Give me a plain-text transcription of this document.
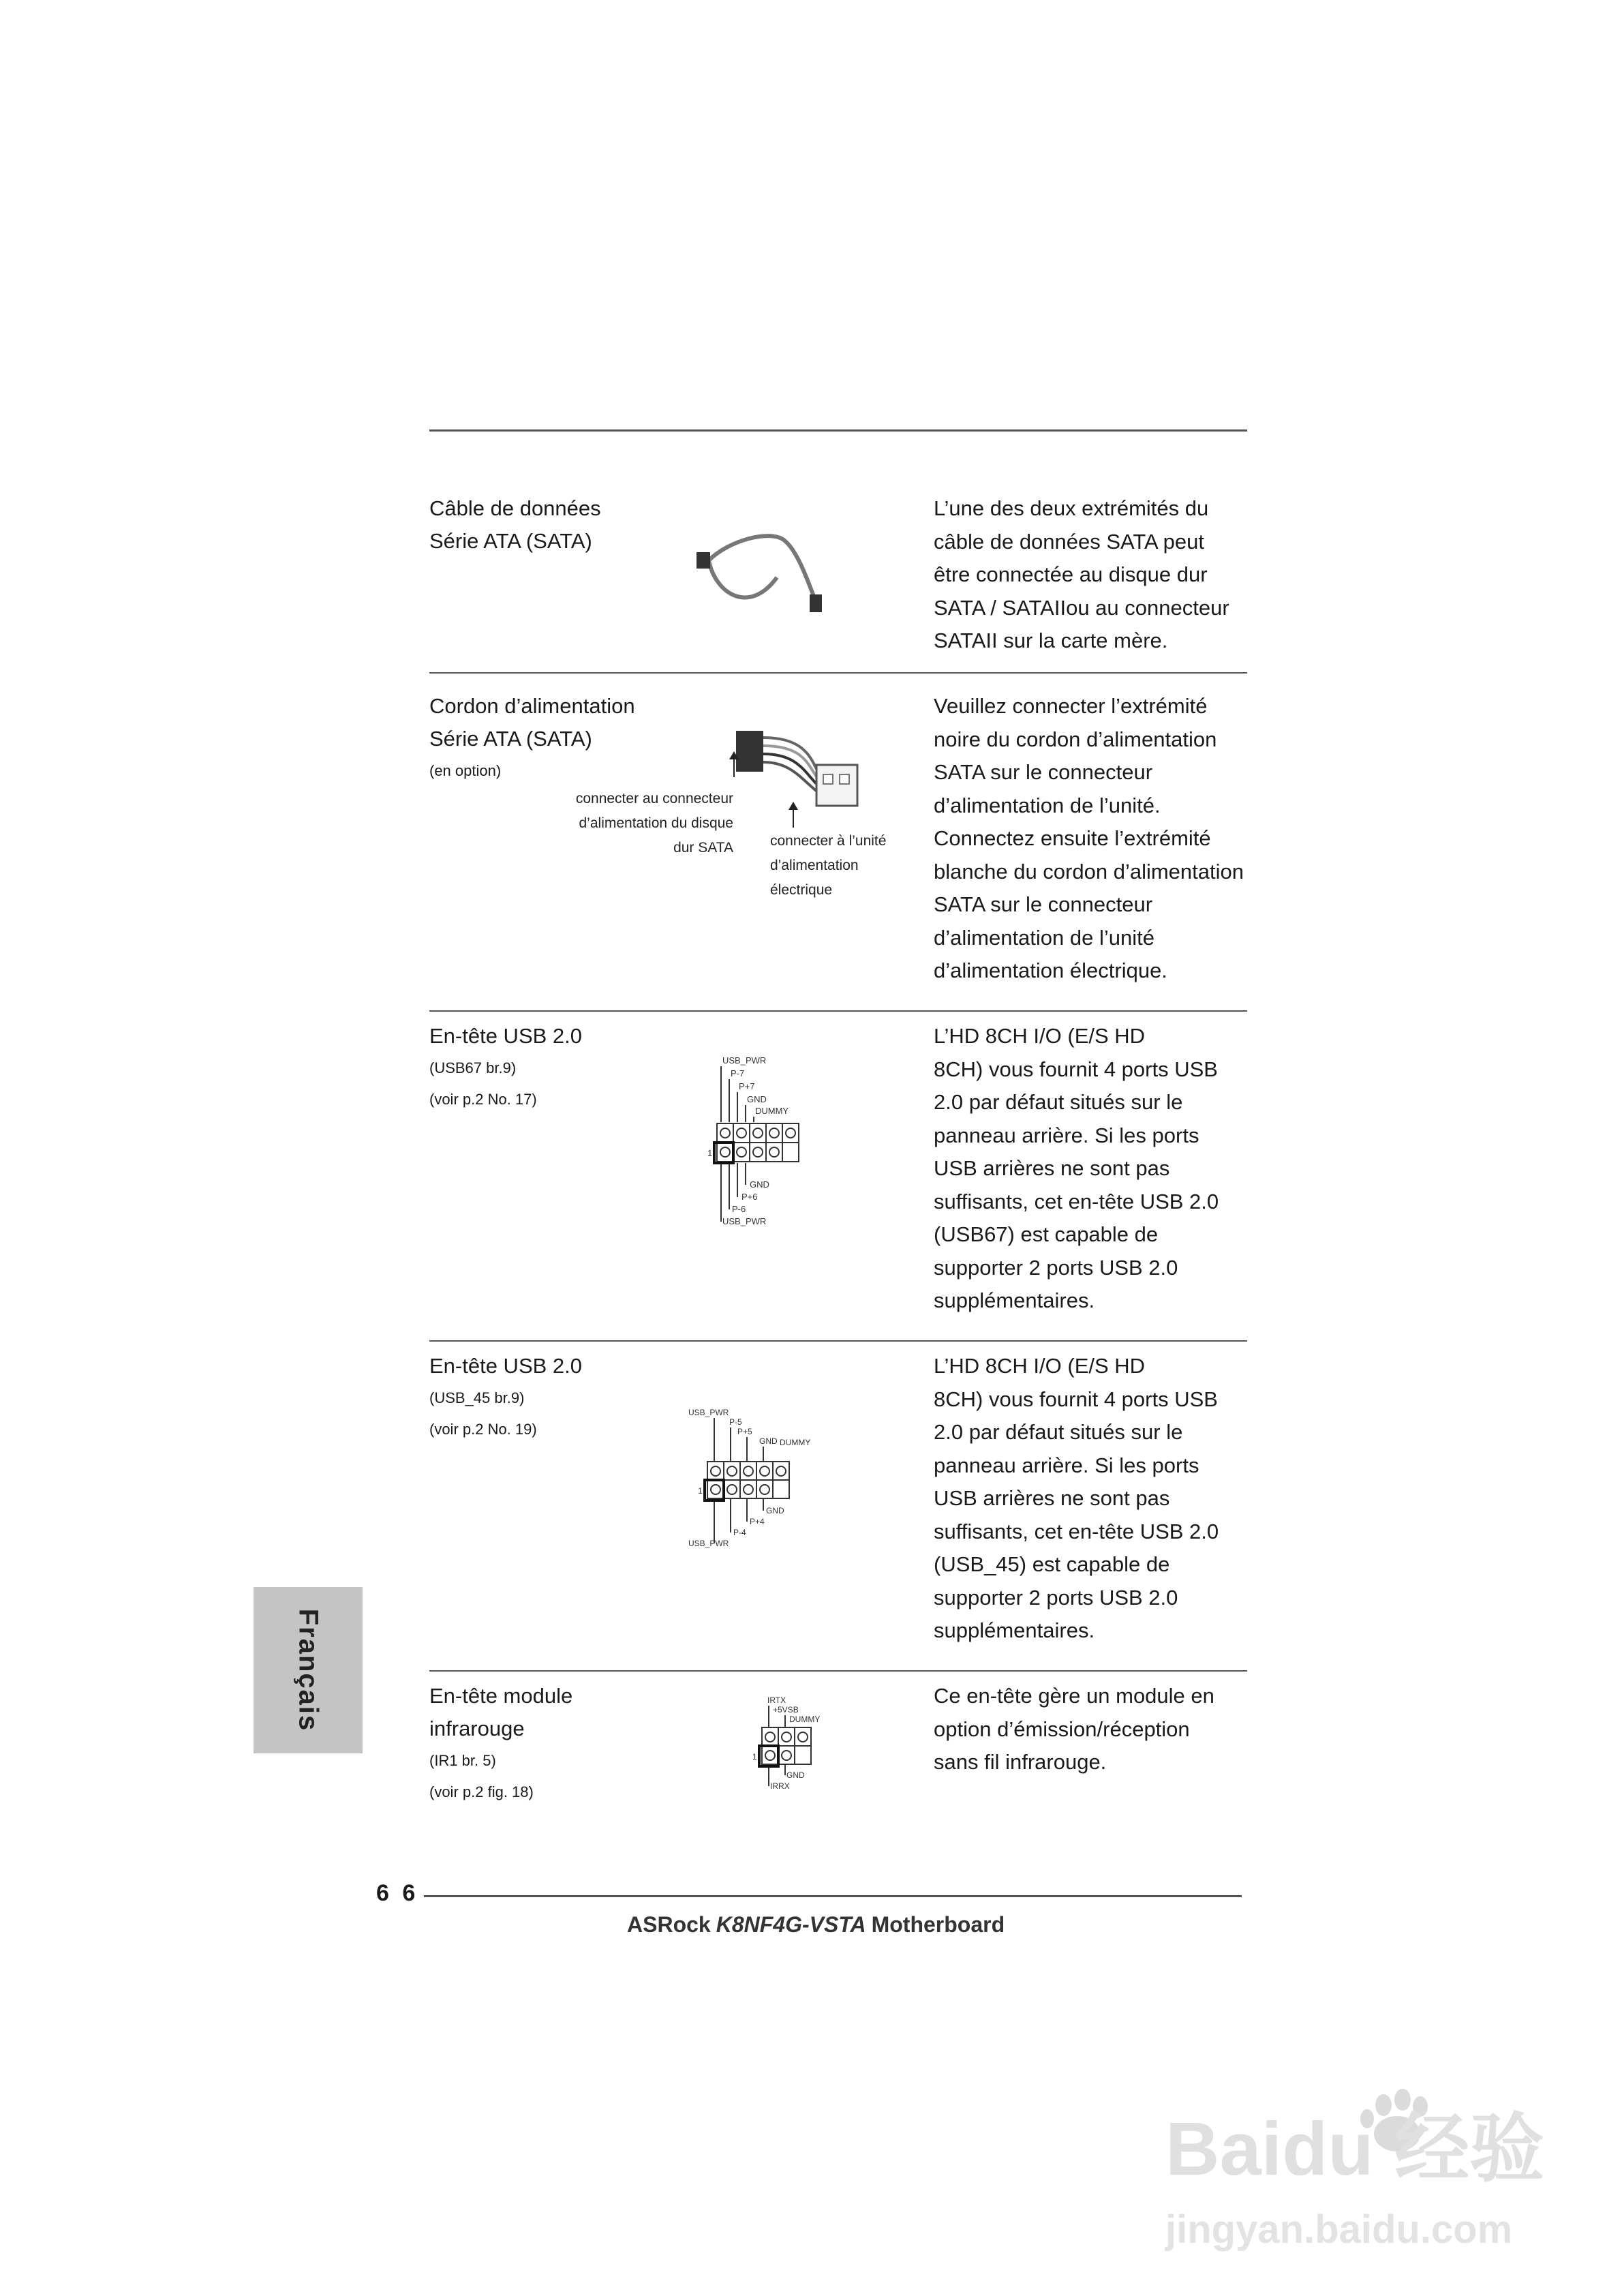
Câble de données
Série ATA (SATA)

L’une des deux extrémités du

câble de données SATA peut

être connectée au disque dur

SATA / SATAIIou au connecteur

SATAII sur la carte mère.

Cordon d’alimentation
Série ATA (SATA)
(en option)
connecter au connecteur
d’alimentation du disque
dur SATA	connecter à l’unité
d’alimentation
électrique

Veuillez connecter l’extrémité

noire du cordon d’alimentation

SATA sur le connecteur

d’alimentation de l’unité.

Connectez ensuite l’extrémité

blanche du cordon d’alimentation

SATA sur le connecteur

d’alimentation de l’unité

d’alimentation électrique.

En-tête USB 2.0
(USB67 br.9)
(voir p.2 No. 17)
USB_PWR
P-7
P+7
GND
DUMMY
1
GND
P+6
P-6
USB_PWR

L’HD 8CH I/O (E/S HD

8CH) vous fournit 4 ports USB

2.0 par défaut situés sur le

panneau arrière. Si les ports

USB arrières ne sont pas

suffisants, cet en-tête USB 2.0

(USB67) est capable de

supporter 2 ports USB 2.0

supplémentaires.

En-tête USB 2.0
(USB_45 br.9)
(voir p.2 No. 19)
USB_PWR
P-5
P+5
GND DUMMY
1
GND
P+4
P-4
USB_PWR

L’HD 8CH I/O (E/S HD

8CH) vous fournit 4 ports USB

2.0 par défaut situés sur le

panneau arrière. Si les ports

USB arrières ne sont pas

suffisants, cet en-tête USB 2.0

(USB_45) est capable de

supporter 2 ports USB 2.0

supplémentaires.

En-tête module
infrarouge
(IR1 br. 5)
(voir p.2 fig. 18)
IRTX
+5VSB
DUMMY
1
GND
IRRX

Ce en-tête gère un module en

option d’émission/réception

sans fil infrarouge.

Français
6 6
ASRock K8NF4G-VSTA Motherboard
Baidu 经验
jingyan.baidu.com
